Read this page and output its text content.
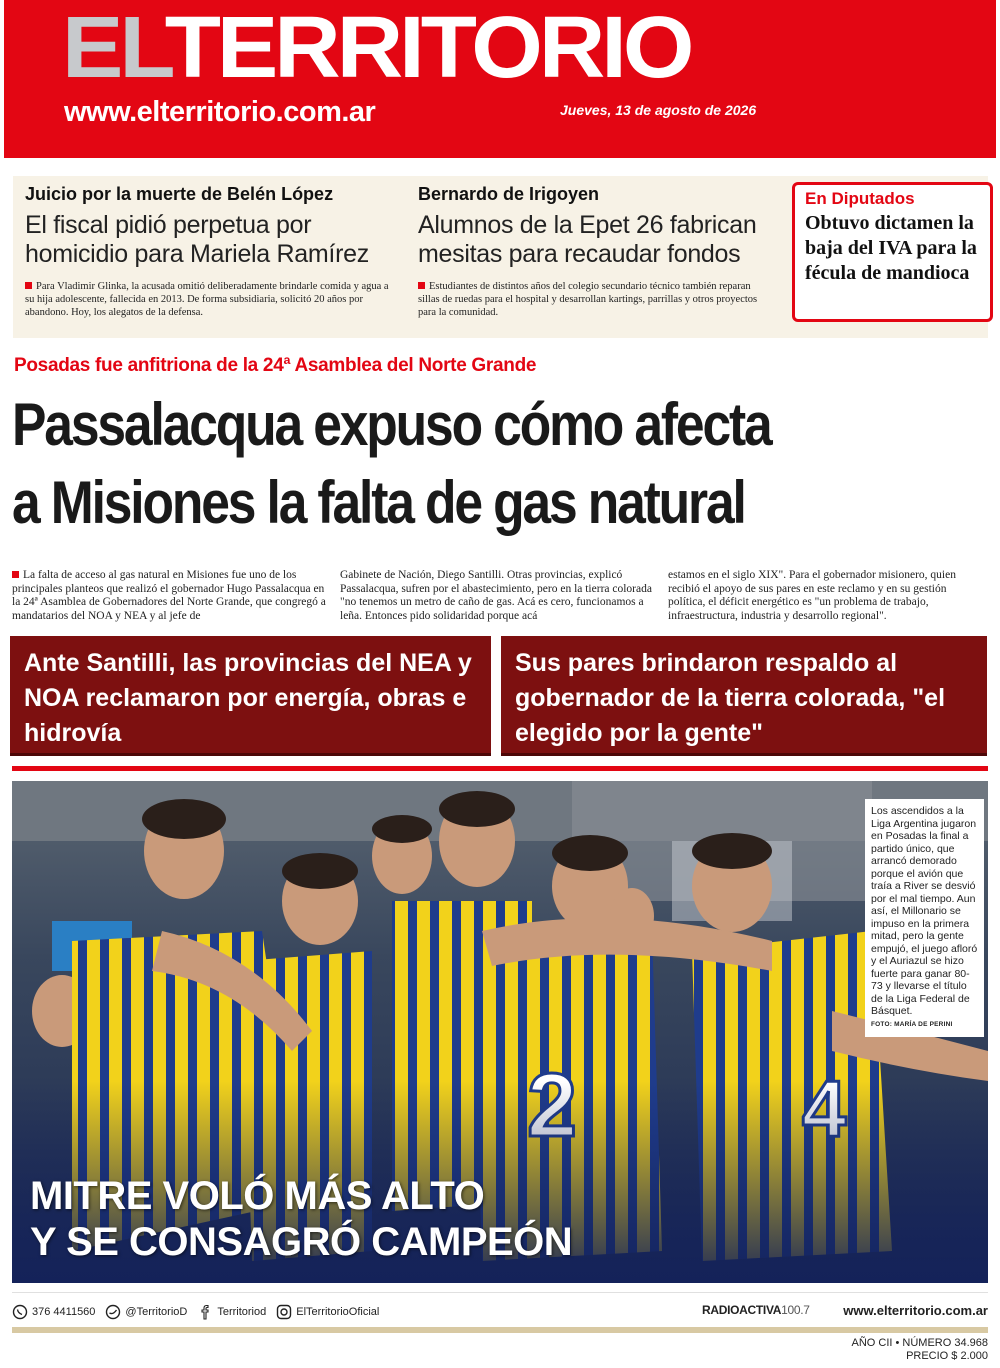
ELTERRITORIO
www.elterritorio.com.ar	Jueves, 13 de agosto de 2026
Juicio por la muerte de Belén López
El fiscal pidió perpetua por homicidio para Mariela Ramírez
Para Vladimir Glinka, la acusada omitió deliberadamente brindarle comida y agua a su hija adolescente, fallecida en 2013. De forma subsidiaria, solicitó 20 años por abandono. Hoy, los alegatos de la defensa.
Bernardo de Irigoyen
Alumnos de la Epet 26 fabrican mesitas para recaudar fondos
Estudiantes de distintos años del colegio secundario técnico también reparan sillas de ruedas para el hospital y desarrollan kartings, parrillas y otros proyectos para la comunidad.
En Diputados
Obtuvo dictamen la baja del IVA para la fécula de mandioca
Posadas fue anfitriona de la 24ª Asamblea del Norte Grande
Passalacqua expuso cómo afecta
a Misiones la falta de gas natural
La falta de acceso al gas natural en Misiones fue uno de los principales planteos que realizó el gobernador Hugo Passalacqua en la 24ª Asamblea de Gobernadores del Norte Grande, que congregó a mandatarios del NOA y NEA y al jefe de
Gabinete de Nación, Diego Santilli. Otras provincias, explicó Passalacqua, sufren por el abastecimiento, pero en la tierra colorada "no tenemos un metro de caño de gas. Acá es cero, funcionamos a leña. Entonces pido solidaridad porque acá
estamos en el siglo XIX". Para el gobernador misionero, quien recibió el apoyo de sus pares en este reclamo y en su gestión política, el déficit energético es "un problema de trabajo, infraestructura, industria y desarrollo regional".
Ante Santilli, las provincias del NEA y NOA reclamaron por energía, obras e hidrovía
Sus pares brindaron respaldo al gobernador de la tierra colorada, "el elegido por la gente"
MITRE VOLÓ MÁS ALTO
Y SE CONSAGRÓ CAMPEÓN
Los ascendidos a la Liga Argentina jugaron en Posadas la final a partido único, que arrancó demorado porque el avión que traía a River se desvió por el mal tiempo. Aun así, el Millonario se impuso en la primera mitad, pero la gente empujó, el juego afloró y el Auriazul se hizo fuerte para ganar 80-73 y llevarse el título de la Liga Federal de Básquet.
FOTO: MARÍA DE PERINI
376 4411560	@TerritorioD	Territoriod	ElTerritorioOficial	RADIOACTIVA100.7	www.elterritorio.com.ar
AÑO CII • NÚMERO 34.968
PRECIO $ 2.000
